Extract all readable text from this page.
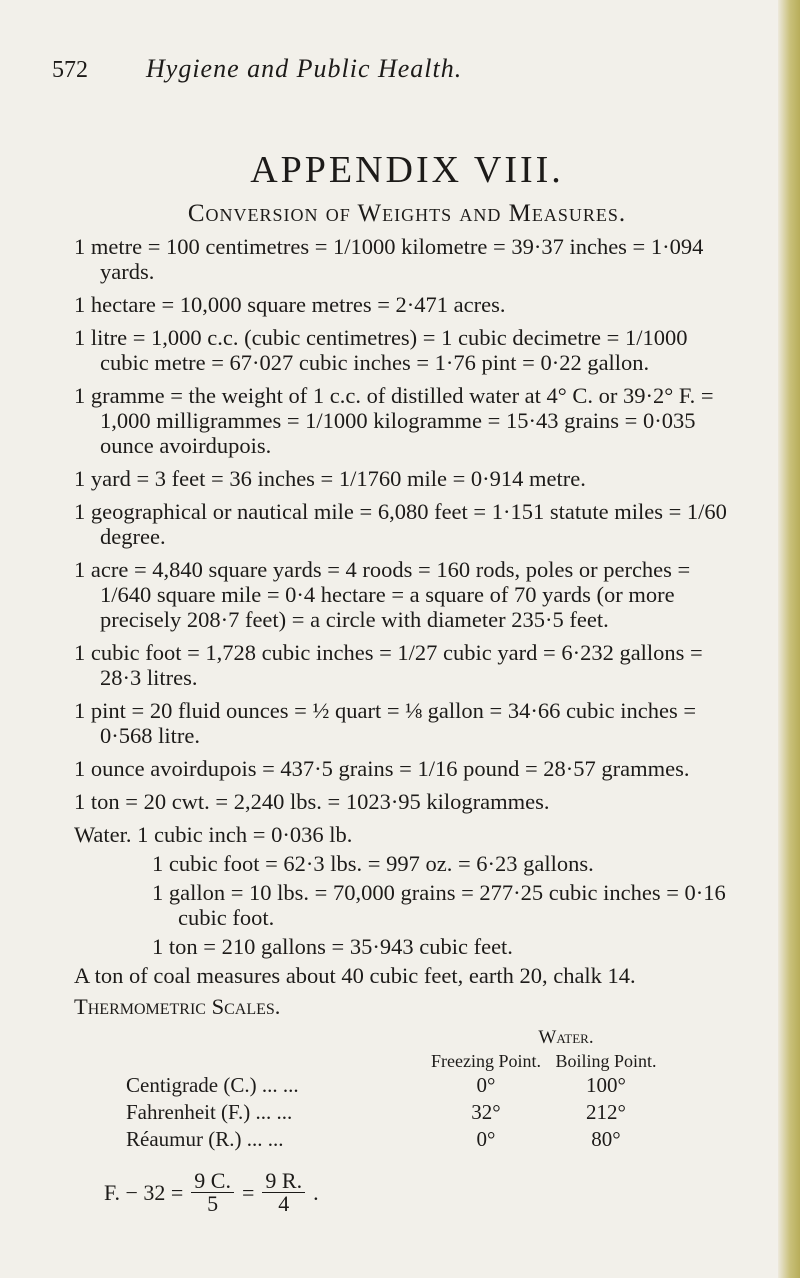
572 Hygiene and Public Health.
APPENDIX VIII.
Conversion of Weights and Measures.

1 metre = 100 centimetres = 1/1000 kilometre = 39·37 inches = 1·094 yards.

1 hectare = 10,000 square metres = 2·471 acres.

1 litre = 1,000 c.c. (cubic centimetres) = 1 cubic decimetre = 1/1000 cubic metre = 67·027 cubic inches = 1·76 pint = 0·22 gallon.

1 gramme = the weight of 1 c.c. of distilled water at 4° C. or 39·2° F. = 1,000 milligrammes = 1/1000 kilogramme = 15·43 grains = 0·035 ounce avoirdupois.

1 yard = 3 feet = 36 inches = 1/1760 mile = 0·914 metre.

1 geographical or nautical mile = 6,080 feet = 1·151 statute miles = 1/60 degree.

1 acre = 4,840 square yards = 4 roods = 160 rods, poles or perches = 1/640 square mile = 0·4 hectare = a square of 70 yards (or more precisely 208·7 feet) = a circle with diameter 235·5 feet.

1 cubic foot = 1,728 cubic inches = 1/27 cubic yard = 6·232 gallons = 28·3 litres.

1 pint = 20 fluid ounces = ½ quart = ⅛ gallon = 34·66 cubic inches = 0·568 litre.

1 ounce avoirdupois = 437·5 grains = 1/16 pound = 28·57 grammes.

1 ton = 20 cwt. = 2,240 lbs. = 1023·95 kilogrammes.

Water. 1 cubic inch = 0·036 lb.

1 cubic foot = 62·3 lbs. = 997 oz. = 6·23 gallons.

1 gallon = 10 lbs. = 70,000 grains = 277·25 cubic inches = 0·16 cubic foot.

1 ton = 210 gallons = 35·943 cubic feet.

A ton of coal measures about 40 cubic feet, earth 20, chalk 14.

Thermometric Scales.

	Water.	
	Freezing Point.	Boiling Point.
Centigrade (C.) ... ...	0°	100°
Fahrenheit (F.) ... ...	32°	212°
Réaumur (R.) ... ...	0°	80°
F. − $32 = \frac{9 C.}{5} = \frac{9 R.}{4}$ .
